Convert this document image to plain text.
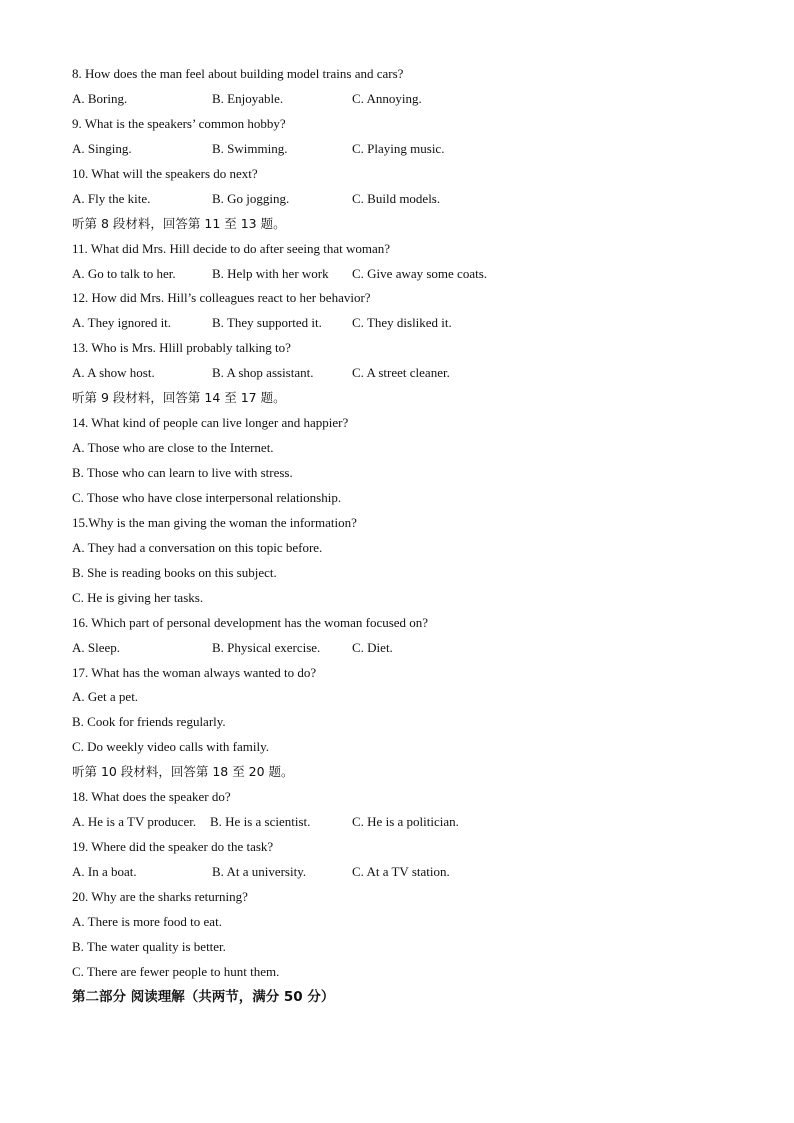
8. How does the man feel about building model trains and cars?
A. Boring.	B. Enjoyable.	C. Annoying.
9. What is the speakers’ common hobby?
A. Singing.	B. Swimming.	C. Playing music.
10. What will the speakers do next?
A. Fly the kite.	B. Go jogging.	C. Build models.
听第 8 段材料，回答第 11 至 13 题。
11. What did Mrs. Hill decide to do after seeing that woman?
A. Go to talk to her.	B. Help with her work C. Give away some coats.
12. How did Mrs. Hill’s colleagues react to her behavior?
A. They ignored it.	B. They supported it. C. They disliked it.
13. Who is Mrs. Hlill probably talking to?
A. A show host.	B. A shop assistant.	C. A street cleaner.
听第 9 段材料，回答第 14 至 17 题。
14. What kind of people can live longer and happier?
A. Those who are close to the Internet.
B. Those who can learn to live with stress.
C. Those who have close interpersonal relationship.
15.Why is the man giving the woman the information?
A. They had a conversation on this topic before.
B. She is reading books on this subject.
C. He is giving her tasks.
16. Which part of personal development has the woman focused on?
A. Sleep.	B. Physical exercise. C. Diet.
17. What has the woman always wanted to do?
A. Get a pet.
B. Cook for friends regularly.
C. Do weekly video calls with family.
听第 10 段材料，回答第 18 至 20 题。
18. What does the speaker do?
A. He is a TV producer. B. He is a scientist.	C. He is a politician.
19. Where did the speaker do the task?
A. In a boat.	B. At a university.	C. At a TV station.
20. Why are the sharks returning?
A. There is more food to eat.
B. The water quality is better.
C. There are fewer people to hunt them.
第二部分 阅读理解（共两节，满分 50 分）
